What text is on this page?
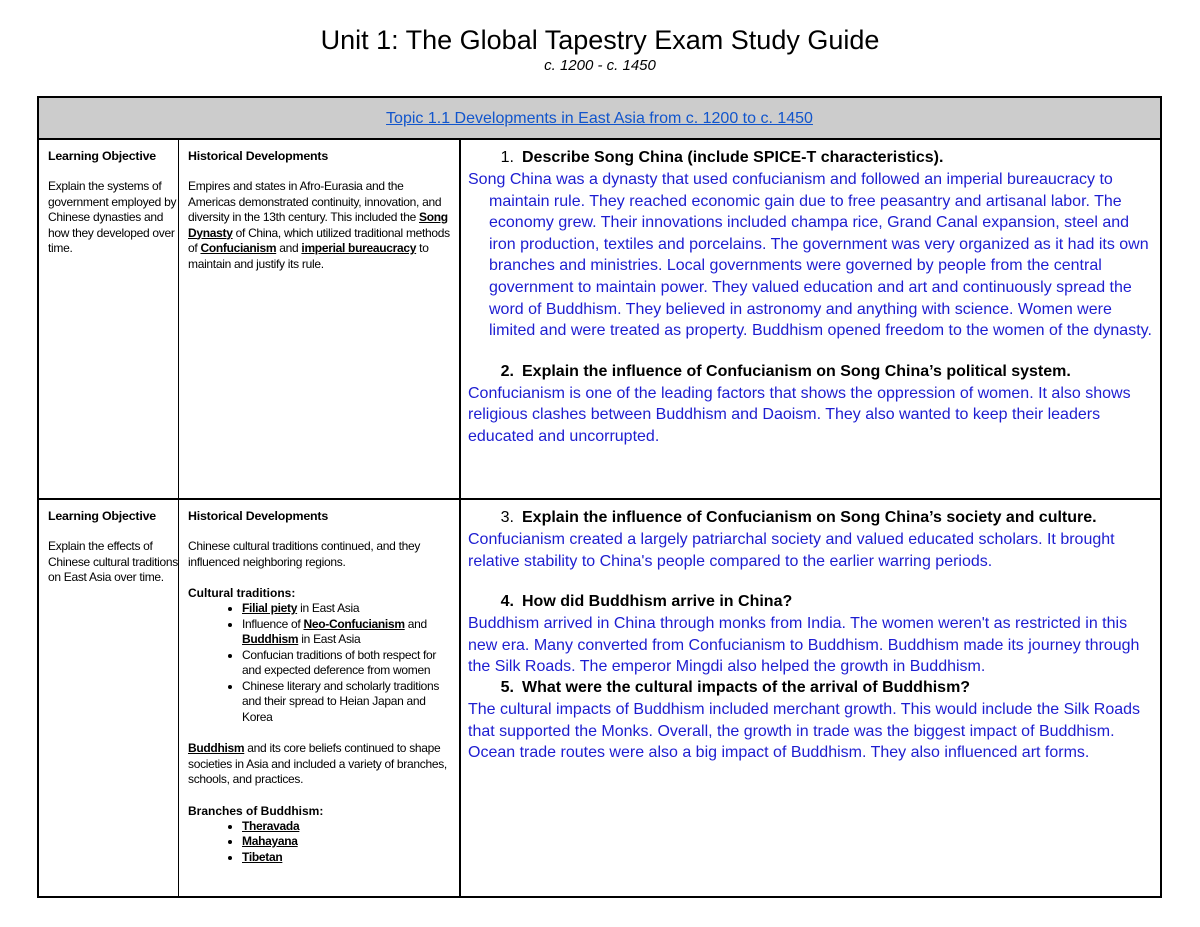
Unit 1: The Global Tapestry Exam Study Guide
c. 1200 - c. 1450
Topic 1.1 Developments in East Asia from c. 1200 to c. 1450
Learning Objective
Explain the systems of government employed by Chinese dynasties and how they developed over time.
Historical Developments
Empires and states in Afro-Eurasia and the Americas demonstrated continuity, innovation, and diversity in the 13th century. This included the Song Dynasty of China, which utilized traditional methods of Confucianism and imperial bureaucracy to maintain and justify its rule.
1. Describe Song China (include SPICE-T characteristics).
Song China was a dynasty that used confucianism and followed an imperial bureaucracy to maintain rule. They reached economic gain due to free peasantry and artisanal labor. The economy grew. Their innovations included champa rice, Grand Canal expansion, steel and iron production, textiles and porcelains. The government was very organized as it had its own branches and ministries. Local governments were governed by people from the central government to maintain power. They valued education and art and continuously spread the word of Buddhism. They believed in astronomy and anything with science. Women were limited and were treated as property. Buddhism opened freedom to the women of the dynasty.
2. Explain the influence of Confucianism on Song China’s political system.
Confucianism is one of the leading factors that shows the oppression of women. It also shows religious clashes between Buddhism and Daoism. They also wanted to keep their leaders educated and uncorrupted.
Learning Objective
Explain the effects of Chinese cultural traditions on East Asia over time.
Historical Developments
Chinese cultural traditions continued, and they influenced neighboring regions.
Cultural traditions:
• Filial piety in East Asia
• Influence of Neo-Confucianism and Buddhism in East Asia
• Confucian traditions of both respect for and expected deference from women
• Chinese literary and scholarly traditions and their spread to Heian Japan and Korea
Buddhism and its core beliefs continued to shape societies in Asia and included a variety of branches, schools, and practices.
Branches of Buddhism:
• Theravada
• Mahayana
• Tibetan
3. Explain the influence of Confucianism on Song China’s society and culture.
Confucianism created a largely patriarchal society and valued educated scholars. It brought relative stability to China's people compared to the earlier warring periods.
4. How did Buddhism arrive in China?
Buddhism arrived in China through monks from India. The women weren't as restricted in this new era. Many converted from Confucianism to Buddhism. Buddhism made its journey through the Silk Roads. The emperor Mingdi also helped the growth in Buddhism.
5. What were the cultural impacts of the arrival of Buddhism?
The cultural impacts of Buddhism included merchant growth. This would include the Silk Roads that supported the Monks. Overall, the growth in trade was the biggest impact of Buddhism. Ocean trade routes were also a big impact of Buddhism. They also influenced art forms.
